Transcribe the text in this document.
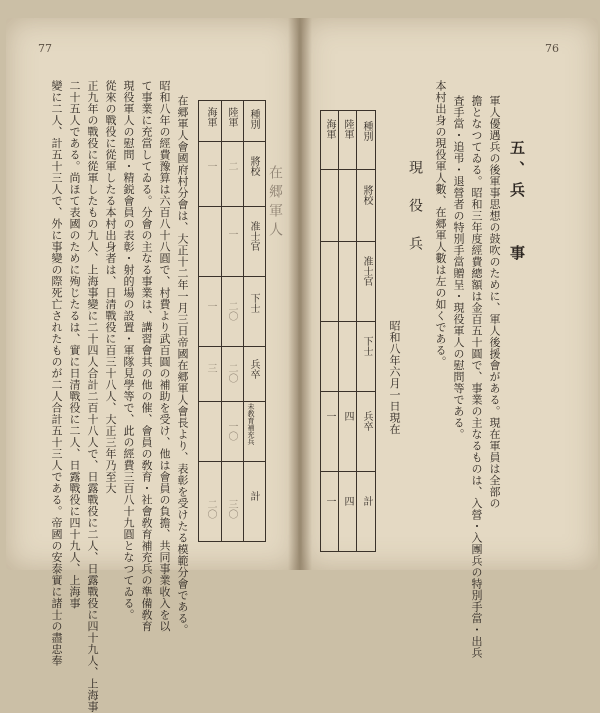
77	76
五、兵　　事
軍人優遇兵の後軍事思想の鼓吹のために、軍人後援會がある。現在軍員は全部の
擔となつてゐる。昭和三年度經費總額は金百五十圓で、事業の主なるものは、入營・入團兵の特別手當・出兵
査手當・追弔・退營者の特別手當贈呈・現役軍人の慰問等である。
本村出身の現役軍人數、在郷軍人數は左の如くである。
現　役　兵
昭和八年六月一日現在
種別
將校
准士官
下士
兵卒
計
陸軍
海軍
四
四
一
一
種別
將校
准士官
下士
兵卒
未教育補充兵
計
陸軍
海軍
二
一
二〇
二〇
一〇
三〇
一
一
三
二〇
在郷軍人
在郷軍人會國府村分會は、大正十二年一月三日帝國在郷軍人會長より、表彰を受けたる模範分會である。
昭和八年の經費豫算は六百八十八圓で、村費より武百圓の補助を受け、他は會員の負擔、共同事業收入を以
て事業に充當してゐる。分會の主なる事業は、講習會其の他の催、會員の敎育・社會敎育補充兵の準備敎育
現役軍人の慰問・精鋭會員の表彰・射的場の設置・軍隊見學等で、此の經費三百八十九圓となつてゐる。
從來の戰役に從軍したる本村出身者は、日清戰役に百三十八人、大正三年乃至大
正九年の戰役に從軍したもの九人、上海事變に二十四人合計二百十八人で、日露戰役に二人、日露戰役に四十九人、上海事
二十五人である。尚ほて表國のために殉じたるは、實に日清戰役に二人、日露戰役に四十九人、上海事
變に二人、計五十三人で、外に事變の際死亡されたものが二人合計五十三人である。帝國の安泰實に諸士の盡忠奉
